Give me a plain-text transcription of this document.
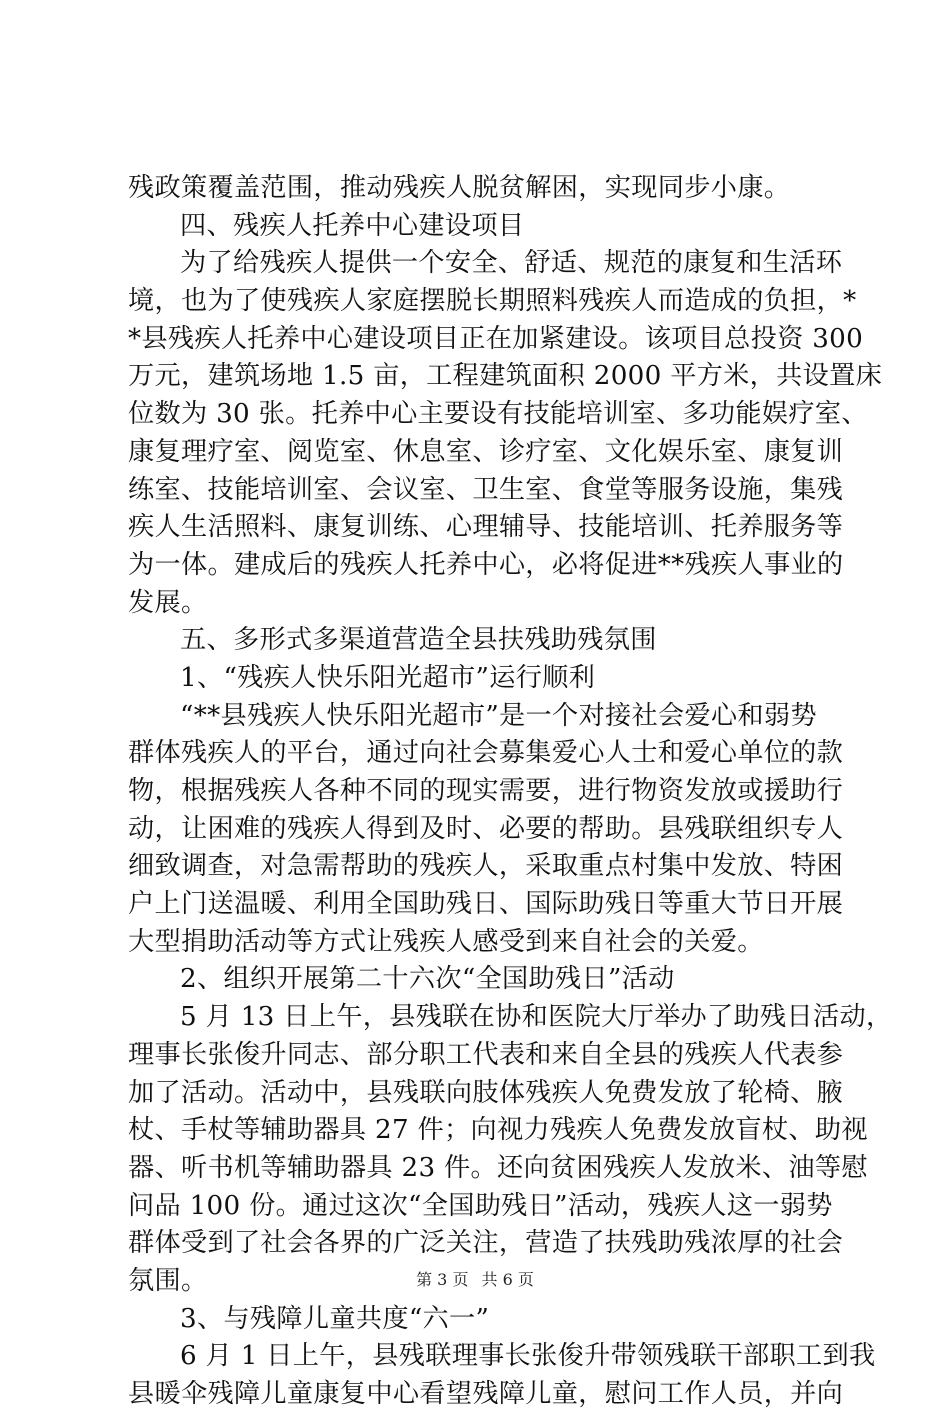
残政策覆盖范围，推动残疾人脱贫解困，实现同步小康。
四、残疾人托养中心建设项目
为了给残疾人提供一个安全、舒适、规范的康复和生活环
境，也为了使残疾人家庭摆脱长期照料残疾人而造成的负担，*
*县残疾人托养中心建设项目正在加紧建设。该项目总投资 300
万元，建筑场地 1.5 亩，工程建筑面积 2000 平方米，共设置床
位数为 30 张。托养中心主要设有技能培训室、多功能娱疗室、
康复理疗室、阅览室、休息室、诊疗室、文化娱乐室、康复训
练室、技能培训室、会议室、卫生室、食堂等服务设施，集残
疾人生活照料、康复训练、心理辅导、技能培训、托养服务等
为一体。建成后的残疾人托养中心，必将促进**残疾人事业的
发展。
五、多形式多渠道营造全县扶残助残氛围
1、“残疾人快乐阳光超市”运行顺利
“**县残疾人快乐阳光超市”是一个对接社会爱心和弱势
群体残疾人的平台，通过向社会募集爱心人士和爱心单位的款
物，根据残疾人各种不同的现实需要，进行物资发放或援助行
动，让困难的残疾人得到及时、必要的帮助。县残联组织专人
细致调查，对急需帮助的残疾人，采取重点村集中发放、特困
户上门送温暖、利用全国助残日、国际助残日等重大节日开展
大型捐助活动等方式让残疾人感受到来自社会的关爱。
2、组织开展第二十六次“全国助残日”活动
5 月 13 日上午，县残联在协和医院大厅举办了助残日活动，
理事长张俊升同志、部分职工代表和来自全县的残疾人代表参
加了活动。活动中，县残联向肢体残疾人免费发放了轮椅、腋
杖、手杖等辅助器具 27 件；向视力残疾人免费发放盲杖、助视
器、听书机等辅助器具 23 件。还向贫困残疾人发放米、油等慰
问品 100 份。通过这次“全国助残日”活动，残疾人这一弱势
群体受到了社会各界的广泛关注，营造了扶残助残浓厚的社会
氛围。
3、与残障儿童共度“六一”
6 月 1 日上午，县残联理事长张俊升带领残联干部职工到我
县暖伞残障儿童康复中心看望残障儿童，慰问工作人员，并向
第 3 页 共 6 页
